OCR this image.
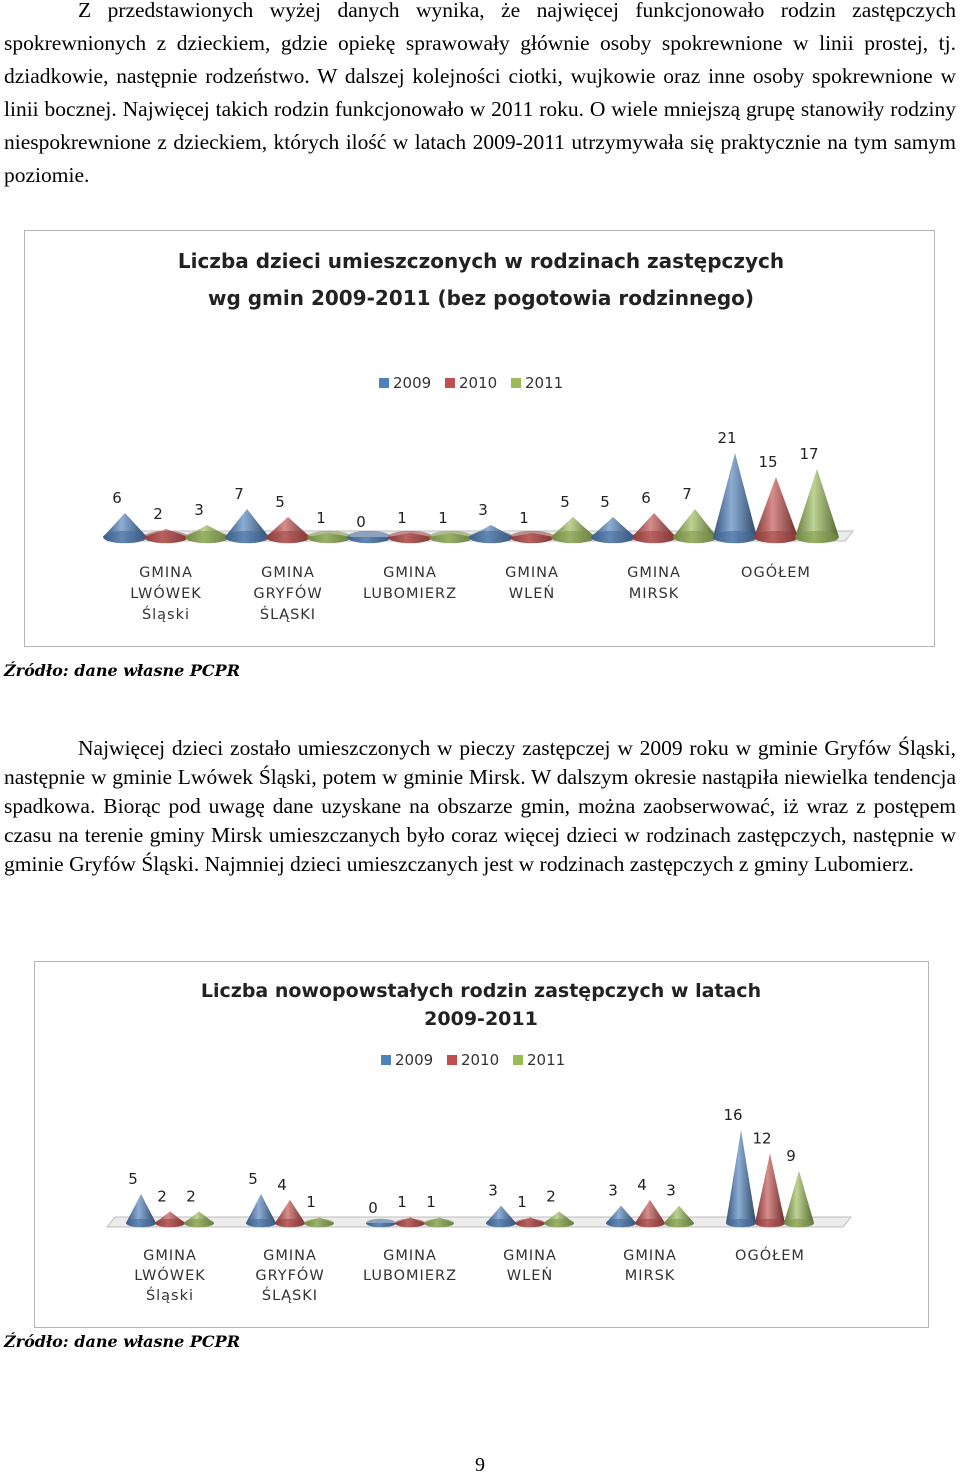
Z przedstawionych wyżej danych wynika, że najwięcej funkcjonowało rodzin zastępczych spokrewnionych z dzieckiem, gdzie opiekę sprawowały głównie osoby spokrewnione w linii prostej, tj. dziadkowie, następnie rodzeństwo. W dalszej kolejności ciotki, wujkowie oraz inne osoby spokrewnione w linii bocznej. Najwięcej takich rodzin funkcjonowało w 2011 roku. O wiele mniejszą grupę stanowiły rodziny niespokrewnione z dzieckiem, których ilość w latach 2009-2011 utrzymywała się praktycznie na tym samym poziomie.
Liczba dzieci umieszczonych w rodzinach zastępczych
wg gmin 2009-2011 (bez pogotowia rodzinnego)
2009 2010 2011
6
2 3
GMINA
LWÓWEK
Śląski
7 5
1
GMINA
GRYFÓW
ŚLĄSKI
0 1 1
GMINA
LUBOMIERZ
3 1
5
GMINA
WLEŃ
5 6 7
GMINA
MIRSK
21
15 17
OGÓŁEM
Źródło: dane własne PCPR
Najwięcej dzieci zostało umieszczonych w pieczy zastępczej w 2009 roku w gminie Gryfów Śląski, następnie w gminie Lwówek Śląski, potem w gminie Mirsk. W dalszym okresie nastąpiła niewielka tendencja spadkowa. Biorąc pod uwagę dane uzyskane na obszarze gmin, można zaobserwować, iż wraz z postępem czasu na terenie gminy Mirsk umieszczanych było coraz więcej dzieci w rodzinach zastępczych, następnie w gminie Gryfów Śląski. Najmniej dzieci umieszczanych jest w rodzinach zastępczych z gminy Lubomierz.
Liczba nowopowstałych rodzin zastępczych w latach
2009-2011
2009 2010 2011
5
2 2
GMINA
LWÓWEK
Śląski
5 4
1
GMINA
GRYFÓW
ŚLĄSKI
0 1 1
GMINA
LUBOMIERZ
3
1 2
GMINA
WLEŃ
3 4 3
GMINA
MIRSK
16
12
9
OGÓŁEM
Źródło: dane własne PCPR
9
